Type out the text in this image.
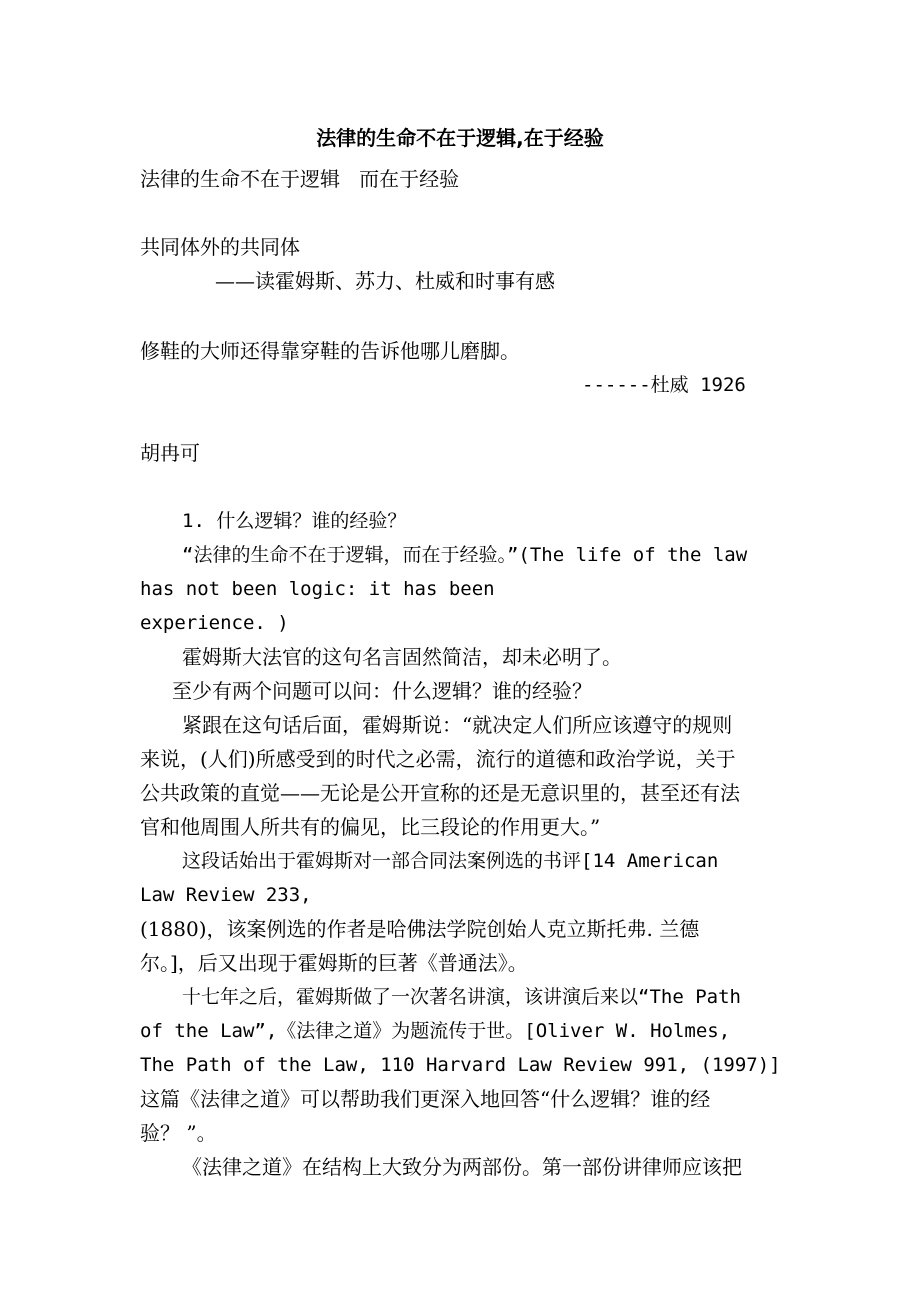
法律的生命不在于逻辑,在于经验
法律的生命不在于逻辑   而在于经验
共同体外的共同体
——读霍姆斯、苏力、杜威和时事有感
修鞋的大师还得靠穿鞋的告诉他哪儿磨脚。
------杜威 1926
胡冉可
1. 什么逻辑？谁的经验？
“法律的生命不在于逻辑，而在于经验。”(The life of the law
has not been logic: it has been
experience. )
霍姆斯大法官的这句名言固然简洁，却未必明了。
至少有两个问题可以问：什么逻辑？谁的经验？
紧跟在这句话后面，霍姆斯说：“就决定人们所应该遵守的规则
来说，(人们)所感受到的时代之必需，流行的道德和政治学说，关于
公共政策的直觉——无论是公开宣称的还是无意识里的，甚至还有法
官和他周围人所共有的偏见，比三段论的作用更大。”
这段话始出于霍姆斯对一部合同法案例选的书评[14 American
Law Review 233,
(1880)，该案例选的作者是哈佛法学院创始人克立斯托弗. 兰德
尔。]，后又出现于霍姆斯的巨著《普通法》。
十七年之后，霍姆斯做了一次著名讲演，该讲演后来以“The Path
of the Law”,《法律之道》为题流传于世。[Oliver W. Holmes,
The Path of the Law, 110 Harvard Law Review 991, (1997)]
这篇《法律之道》可以帮助我们更深入地回答“什么逻辑？谁的经
验？ ”。
《法律之道》在结构上大致分为两部份。第一部份讲律师应该把
